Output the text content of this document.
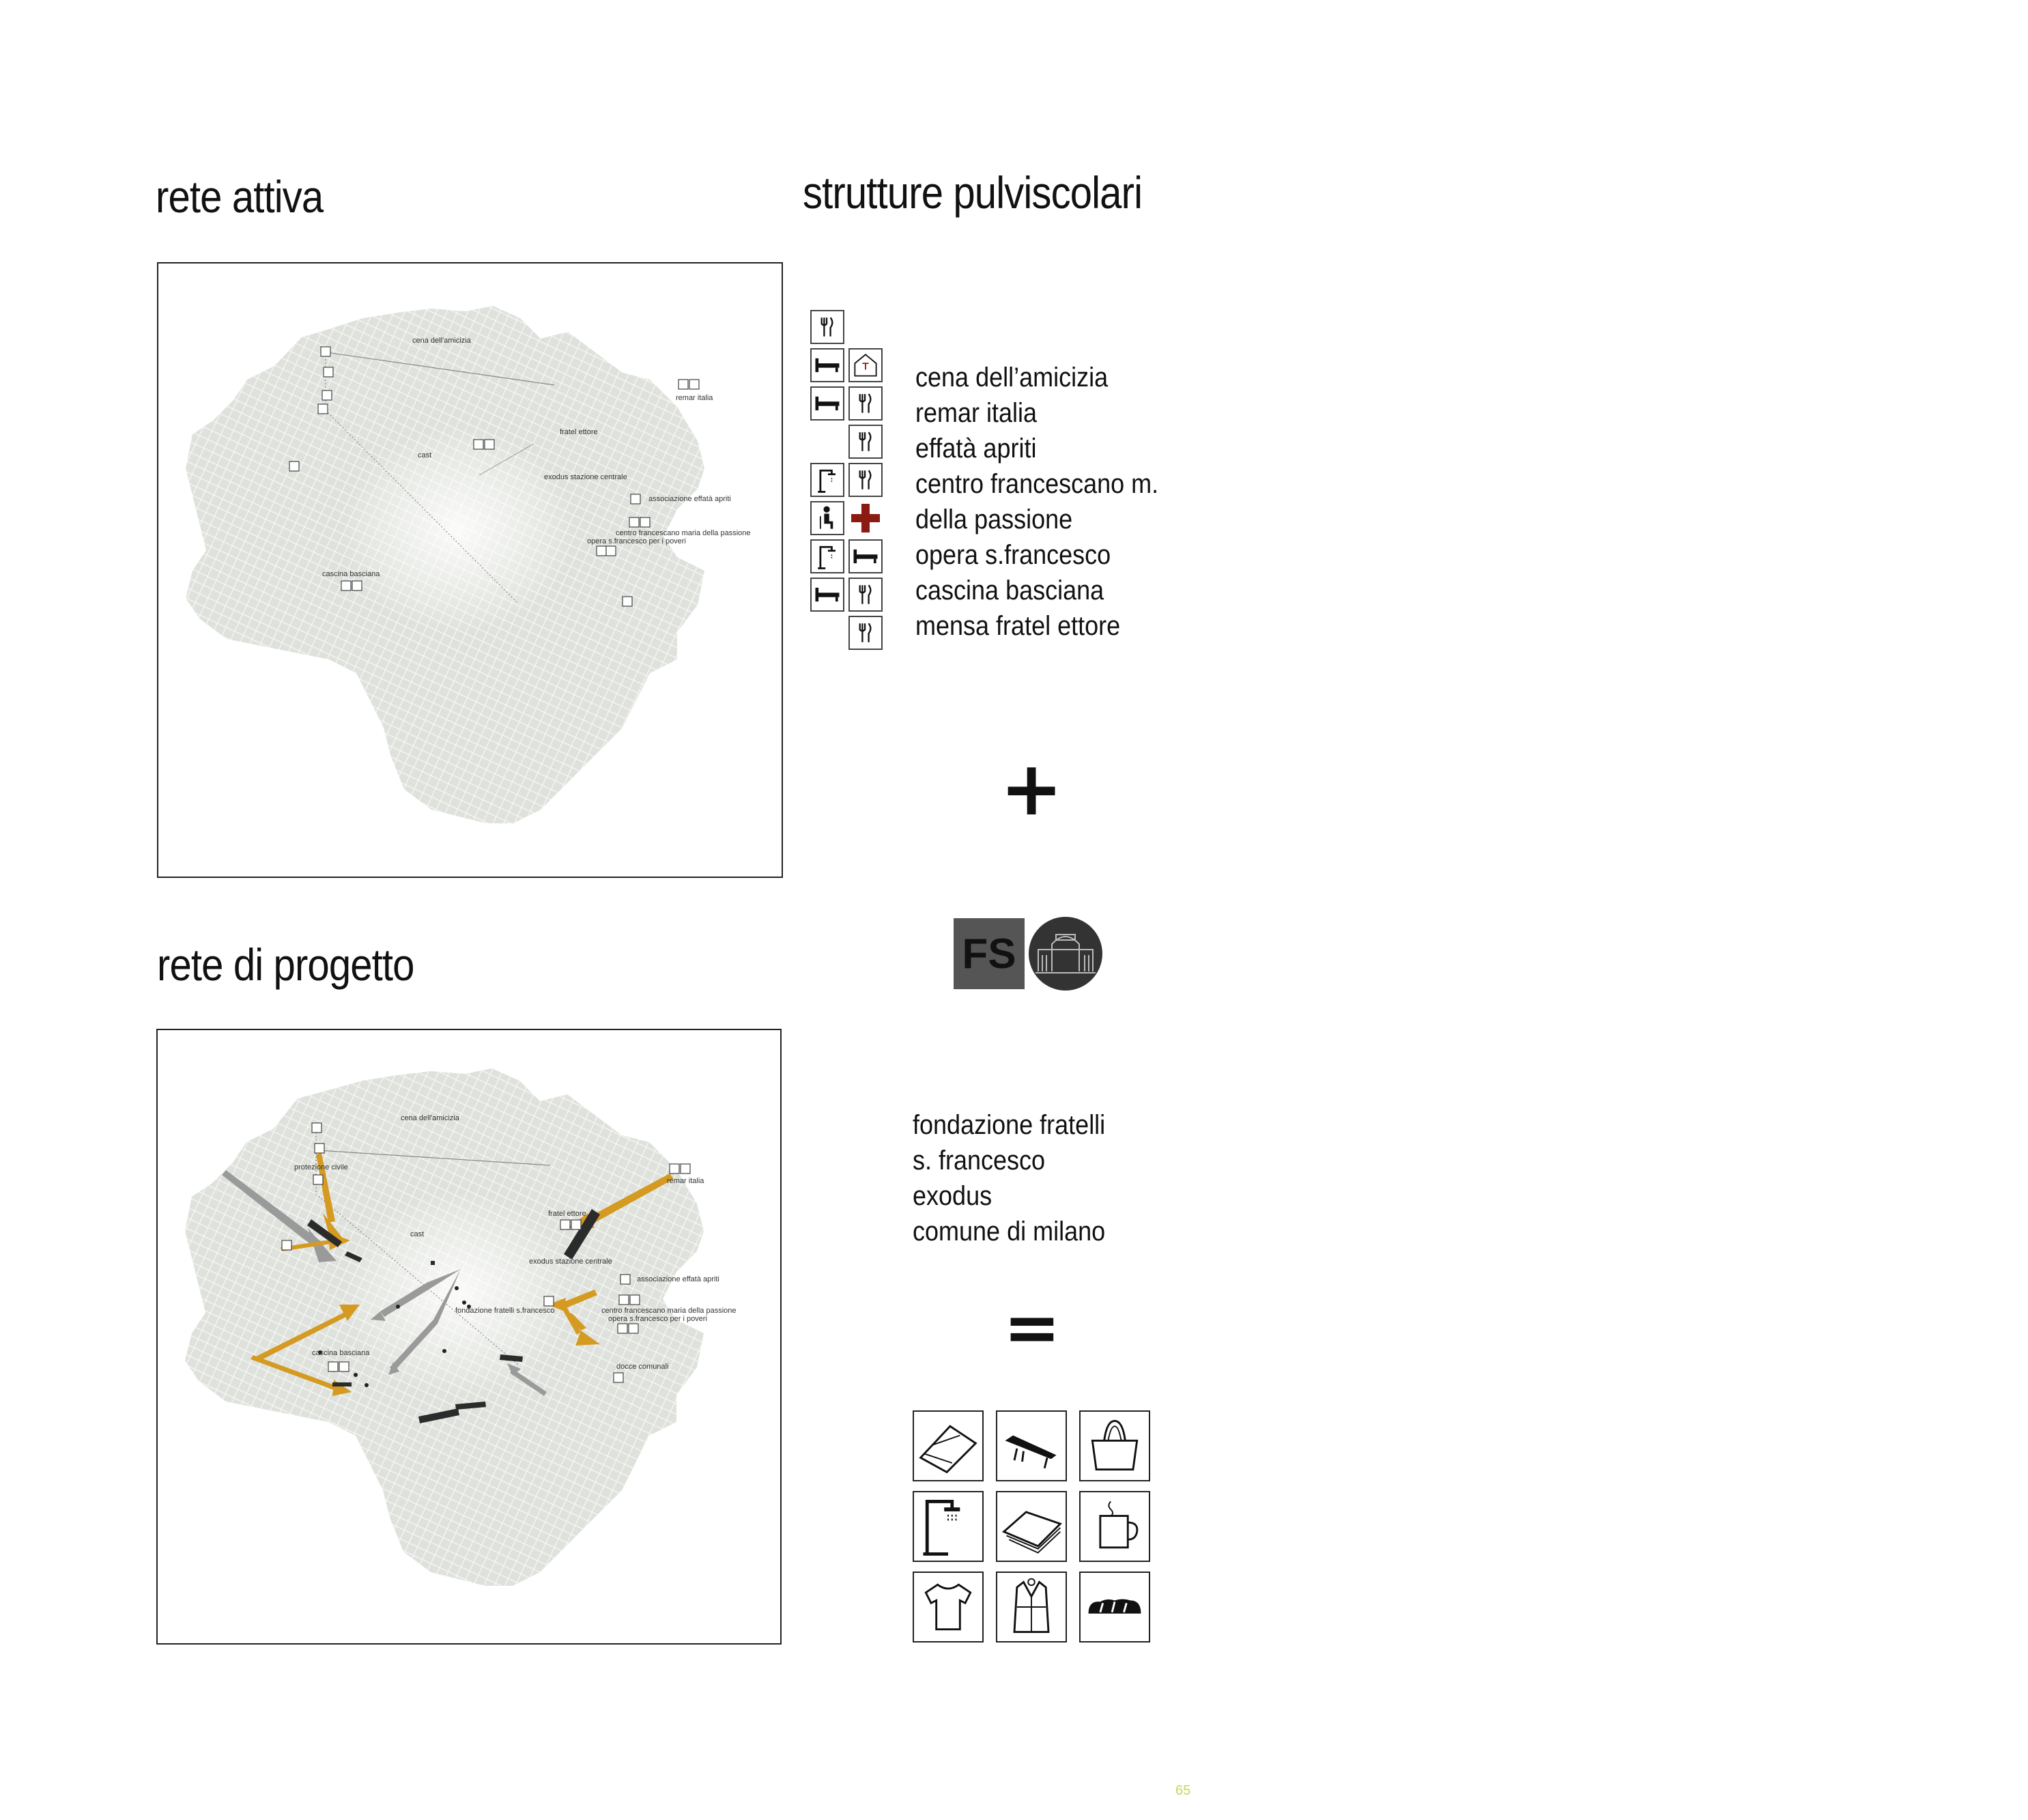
rete attiva	strutture pulviscolari
rete di progetto
cena dell'amicizia
remar italia
fratel ettore
cast
exodus stazione centrale
associazione effatà apriti
centro francescano maria della passione
opera s.francesco per i poveri
cascina basciana
cena dell'amicizia
protezione civile
remar italia
fratel ettore
cast
exodus stazione centrale
associazione effatà apriti
fondazione fratelli s.francesco	centro francescano maria della passione
opera s.francesco per i poveri
cascina basciana
docce comunali
cena dell’amicizia
remar italia
effatà apriti
centro francescano m.
della passione
opera s.francesco
cascina basciana
mensa fratel ettore
+
FS
fondazione fratelli
s. francesco
exodus
comune di milano
=
65
